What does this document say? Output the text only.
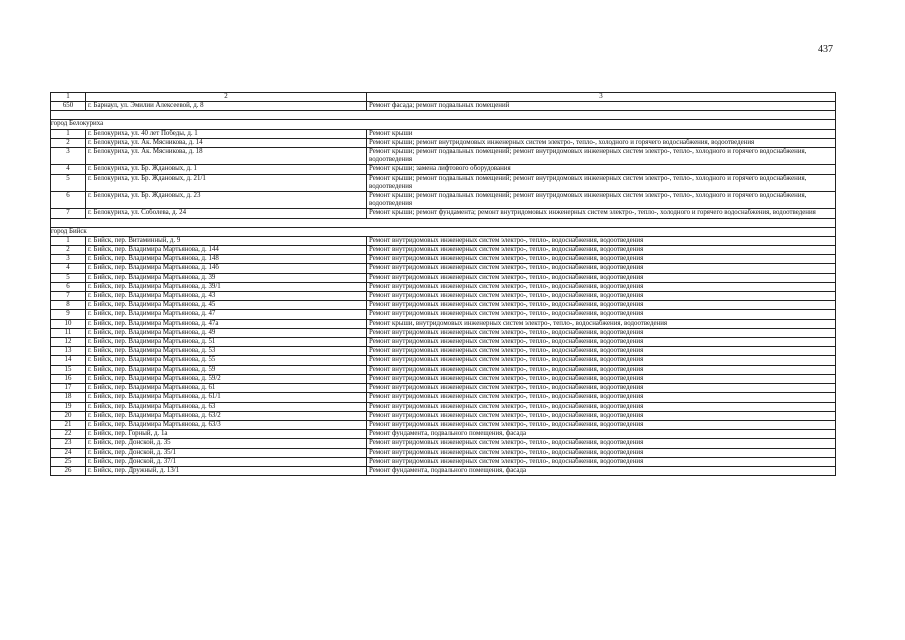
437
1	2	3
650	г. Барнаул, ул. Эмилии Алексеевой, д. 8	Ремонт фасада; ремонт подвальных помещений

город Белокуриха		
1	г. Белокуриха, ул. 40 лет Победы, д. 1	Ремонт крыши
2	г. Белокуриха, ул. Ак. Мясникова, д. 14	Ремонт крыши; ремонт внутридомовых инженерных систем электро-, тепло-, холодного и горячего водоснабжения, водоотведения
3	г. Белокуриха, ул. Ак. Мясникова, д. 18	Ремонт крыши; ремонт подвальных помещений; ремонт внутридомовых инженерных систем электро-, тепло-, холодного и горячего водоснабжения, водоотведения
4	г. Белокуриха, ул. Бр. Ждановых, д. 1	Ремонт крыши; замена лифтового оборудования
5	г. Белокуриха, ул. Бр. Ждановых, д. 21/1	Ремонт крыши; ремонт подвальных помещений; ремонт внутридомовых инженерных систем электро-, тепло-, холодного и горячего водоснабжения, водоотведения
6	г. Белокуриха, ул. Бр. Ждановых, д. 23	Ремонт крыши; ремонт подвальных помещений; ремонт внутридомовых инженерных систем электро-, тепло-, холодного и горячего водоснабжения, водоотведения
7	г. Белокуриха, ул. Соболева, д. 24	Ремонт крыши; ремонт фундамента; ремонт внутридомовых инженерных систем электро-, тепло-, холодного и горячего водоснабжения, водоотведения

город Бийск		
1	г. Бийск, пер. Витаминный, д. 9	Ремонт внутридомовых инженерных систем электро-, тепло-, водоснабжения, водоотведения
2	г. Бийск, пер. Владимира Мартьянова, д. 144	Ремонт внутридомовых инженерных систем электро-, тепло-, водоснабжения, водоотведения
3	г. Бийск, пер. Владимира Мартьянова, д. 148	Ремонт внутридомовых инженерных систем электро-, тепло-, водоснабжения, водоотведения
4	г. Бийск, пер. Владимира Мартьянова, д. 14б	Ремонт внутридомовых инженерных систем электро-, тепло-, водоснабжения, водоотведения
5	г. Бийск, пер. Владимира Мартьянова, д. 39	Ремонт внутридомовых инженерных систем электро-, тепло-, водоснабжения, водоотведения
6	г. Бийск, пер. Владимира Мартьянова, д. 39/1	Ремонт внутридомовых инженерных систем электро-, тепло-, водоснабжения, водоотведения
7	г. Бийск, пер. Владимира Мартьянова, д. 43	Ремонт внутридомовых инженерных систем электро-, тепло-, водоснабжения, водоотведения
8	г. Бийск, пер. Владимира Мартьянова, д. 45	Ремонт внутридомовых инженерных систем электро-, тепло-, водоснабжения, водоотведения
9	г. Бийск, пер. Владимира Мартьянова, д. 47	Ремонт внутридомовых инженерных систем электро-, тепло-, водоснабжения, водоотведения
10	г. Бийск, пер. Владимира Мартьянова, д. 47а	Ремонт крыши, внутридомовых инженерных систем электро-, тепло-, водоснабжения, водоотведения
11	г. Бийск, пер. Владимира Мартьянова, д. 49	Ремонт внутридомовых инженерных систем электро-, тепло-, водоснабжения, водоотведения
12	г. Бийск, пер. Владимира Мартьянова, д. 51	Ремонт внутридомовых инженерных систем электро-, тепло-, водоснабжения, водоотведения
13	г. Бийск, пер. Владимира Мартьянова, д. 53	Ремонт внутридомовых инженерных систем электро-, тепло-, водоснабжения, водоотведения
14	г. Бийск, пер. Владимира Мартьянова, д. 55	Ремонт внутридомовых инженерных систем электро-, тепло-, водоснабжения, водоотведения
15	г. Бийск, пер. Владимира Мартьянова, д. 59	Ремонт внутридомовых инженерных систем электро-, тепло-, водоснабжения, водоотведения
16	г. Бийск, пер. Владимира Мартьянова, д. 59/2	Ремонт внутридомовых инженерных систем электро-, тепло-, водоснабжения, водоотведения
17	г. Бийск, пер. Владимира Мартьянова, д. 61	Ремонт внутридомовых инженерных систем электро-, тепло-, водоснабжения, водоотведения
18	г. Бийск, пер. Владимира Мартьянова, д. 61/1	Ремонт внутридомовых инженерных систем электро-, тепло-, водоснабжения, водоотведения
19	г. Бийск, пер. Владимира Мартьянова, д. 63	Ремонт внутридомовых инженерных систем электро-, тепло-, водоснабжения, водоотведения
20	г. Бийск, пер. Владимира Мартьянова, д. 63/2	Ремонт внутридомовых инженерных систем электро-, тепло-, водоснабжения, водоотведения
21	г. Бийск, пер. Владимира Мартьянова, д. 63/3	Ремонт внутридомовых инженерных систем электро-, тепло-, водоснабжения, водоотведения
22	г. Бийск, пер. Горный, д. 1а	Ремонт фундамента, подвального помещения, фасада
23	г. Бийск, пер. Донской, д. 35	Ремонт внутридомовых инженерных систем электро-, тепло-, водоснабжения, водоотведения
24	г. Бийск, пер. Донской, д. 35/1	Ремонт внутридомовых инженерных систем электро-, тепло-, водоснабжения, водоотведения
25	г. Бийск, пер. Донской, д. 37/1	Ремонт внутридомовых инженерных систем электро-, тепло-, водоснабжения, водоотведения
26	г. Бийск, пер. Дружный, д. 13/1	Ремонт фундамента, подвального помещения, фасада
